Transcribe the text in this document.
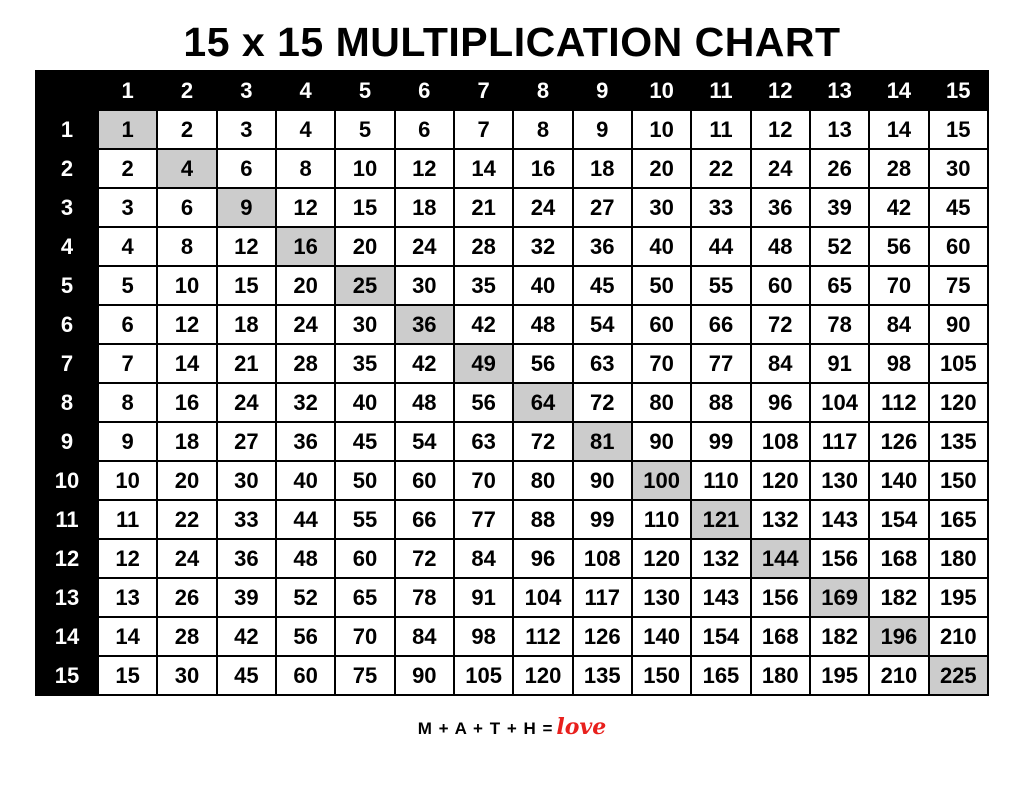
15 x 15 MULTIPLICATION CHART
	1	2	3	4	5	6	7	8	9	10	11	12	13	14	15
1	1	2	3	4	5	6	7	8	9	10	11	12	13	14	15
2	2	4	6	8	10	12	14	16	18	20	22	24	26	28	30
3	3	6	9	12	15	18	21	24	27	30	33	36	39	42	45
4	4	8	12	16	20	24	28	32	36	40	44	48	52	56	60
5	5	10	15	20	25	30	35	40	45	50	55	60	65	70	75
6	6	12	18	24	30	36	42	48	54	60	66	72	78	84	90
7	7	14	21	28	35	42	49	56	63	70	77	84	91	98	105
8	8	16	24	32	40	48	56	64	72	80	88	96	104	112	120
9	9	18	27	36	45	54	63	72	81	90	99	108	117	126	135
10	10	20	30	40	50	60	70	80	90	100	110	120	130	140	150
11	11	22	33	44	55	66	77	88	99	110	121	132	143	154	165
12	12	24	36	48	60	72	84	96	108	120	132	144	156	168	180
13	13	26	39	52	65	78	91	104	117	130	143	156	169	182	195
14	14	28	42	56	70	84	98	112	126	140	154	168	182	196	210
15	15	30	45	60	75	90	105	120	135	150	165	180	195	210	225
M + A + T + H = love
